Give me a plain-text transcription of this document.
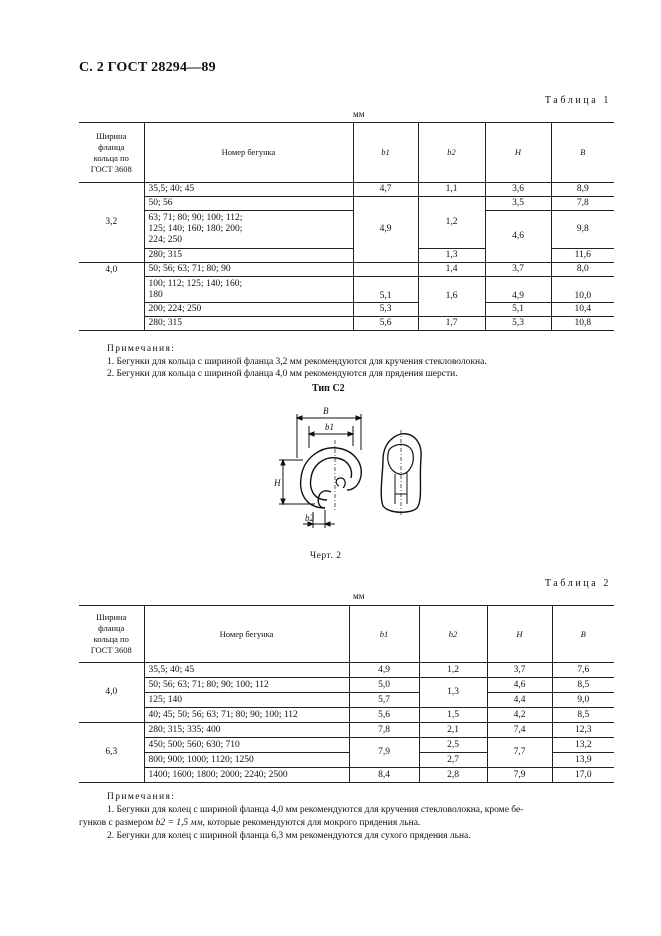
С. 2 ГОСТ 28294—89
Таблица 1
мм
Ширина
фланца
кольца по
ГОСТ 3608	Номер бегунка	b1	b2	H	B
3,2	35,5; 40; 45	4,7	1,1	3,6	8,9
	50; 56	4,9	1,2	3,5	7,8

	63; 71; 80; 90; 100; 112;
125; 140; 160; 180; 200;
224; 250			4,6	9,8
	280; 315		1,3		11,6
4,0	50; 56; 63; 71; 80; 90		1,4	3,7	8,0

	100; 112; 125; 140; 160;
180	5,1	1,6	4,9	10,0
	200; 224; 250	5,3		5,1	10,4
	280; 315	5,6	1,7	5,3	10,8
Примечания:
1. Бегунки для кольца с шириной фланца 3,2 мм рекомендуются для кручения стекловолокна.
2. Бегунки для кольца с шириной фланца 4,0 мм рекомендуются для прядения шерсти.
Тип С2
B
b1
H
b2
Черт. 2
Таблица 2
мм
Ширина
фланца
кольца по
ГОСТ 3608	Номер бегунка	b1	b2	H	B
4,0	35,5; 40; 45	4,9	1,2	3,7	7,6
	50; 56; 63; 71; 80; 90; 100; 112	5,0	1,3	4,6	8,5
	125; 140	5,7		4,4	9,0
	40; 45; 50; 56; 63; 71; 80; 90; 100; 112	5,6	1,5	4,2	8,5
6,3	280; 315; 335; 400	7,8	2,1	7,4	12,3
	450; 500; 560; 630; 710	7,9	2,5	7,7	13,2
	800; 900; 1000; 1120; 1250		2,7		13,9
	1400; 1600; 1800; 2000; 2240; 2500	8,4	2,8	7,9	17,0
Примечания:
1. Бегунки для колец с шириной фланца 4,0 мм рекомендуются для кручения стекловолокна, кроме бе-
гунков с размером b2 = 1,5 мм, которые рекомендуются для мокрого прядения льна.
2. Бегунки для колец с шириной фланца 6,3 мм рекомендуются для сухого прядения льна.
